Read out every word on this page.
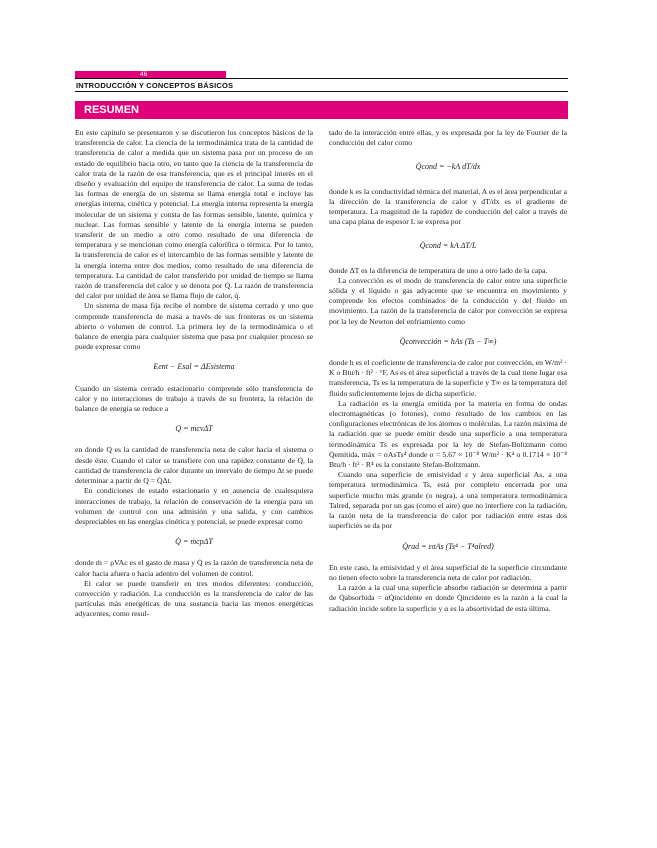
46
INTRODUCCIÓN Y CONCEPTOS BÁSICOS
RESUMEN

En este capítulo se presentaron y se discutieron los conceptos básicos de la transferencia de calor. La ciencia de la termodinámica trata de la cantidad de transferencia de calor a medida que un sistema pasa por un proceso de un estado de equilibrio hacia otro, en tanto que la ciencia de la transferencia de calor trata de la razón de esa transferencia, que es el principal interés en el diseño y evaluación del equipo de transferencia de calor. La suma de todas las formas de energía de un sistema se llama energía total e incluye las energías interna, cinética y potencial. La energía interna representa la energía molecular de un sistema y consta de las formas sensible, latente, química y nuclear. Las formas sensible y latente de la energía interna se pueden transferir de un medio a otro como resultado de una diferencia de temperatura y se mencionan como energía calorífica o térmica. Por lo tanto, la transferencia de calor es el intercambio de las formas sensible y latente de la energía interna entre dos medios, como resultado de una diferencia de temperatura. La cantidad de calor transferido por unidad de tiempo se llama razón de transferencia del calor y se denota por Q̇. La razón de transferencia del calor por unidad de área se llama flujo de calor, q̇.

Un sistema de masa fija recibe el nombre de sistema cerrado y uno que comprende transferencia de masa a través de sus fronteras es un sistema abierto o volumen de control. La primera ley de la termodinámica o el balance de energía para cualquier sistema que pasa por cualquier proceso se puede expresar como

Eent − Esal = ΔEsistema

Cuando un sistema cerrado estacionario comprende sólo transferencia de calor y no interacciones de trabajo a través de su frontera, la relación de balance de energía se reduce a

Q = mcvΔT

en donde Q es la cantidad de transferencia neta de calor hacia el sistema o desde éste. Cuando el calor se transfiere con una rapidez constante de Q̇, la cantidad de transferencia de calor durante un intervalo de tiempo Δt se puede determinar a partir de Q = Q̇Δt.

En condiciones de estado estacionario y en ausencia de cualesquiera interacciones de trabajo, la relación de conservación de la energía para un volumen de control con una admisión y una salida, y con cambios despreciables en las energías cinética y potencial, se puede expresar como

Q̇ = ṁcpΔT

donde ṁ = ρVAc es el gasto de masa y Q̇ es la razón de transferencia neta de calor hacia afuera o hacia adentro del volumen de control.

El calor se puede transferir en tres modos diferentes: conducción, convección y radiación. La conducción es la transferencia de calor de las partículas más energéticas de una sustancia hacia las menos energéticas adyacentes, como resul-

tado de la interacción entre ellas, y es expresada por la ley de Fourier de la conducción del calor como

Q̇cond = −kA dT/dx

donde k es la conductividad térmica del material, A es el área perpendicular a la dirección de la transferencia de calor y dT/dx es el gradiente de temperatura. La magnitud de la rapidez de conducción del calor a través de una capa plana de espesor L se expresa por

Q̇cond = kA ΔT/L

donde ΔT es la diferencia de temperatura de uno a otro lado de la capa.

La convección es el modo de transferencia de calor entre una superficie sólida y el líquido o gas adyacente que se encuentra en movimiento y comprende los efectos combinados de la conducción y del fluido en movimiento. La razón de la transferencia de calor por convección se expresa por la ley de Newton del enfriamiento como

Q̇convección = hAs (Ts − T∞)

donde h es el coeficiente de transferencia de calor por convección, en W/m² · K o Btu/h · ft² · °F, As es el área superficial a través de la cual tiene lugar esa transferencia, Ts es la temperatura de la superficie y T∞ es la temperatura del fluido suficientemente lejos de dicha superficie.

La radiación es la energía emitida por la materia en forma de ondas electromagnéticas (o fotones), como resultado de los cambios en las configuraciones electrónicas de los átomos o moléculas. La razón máxima de la radiación que se puede emitir desde una superficie a una temperatura termodinámica Ts es expresada por la ley de Stefan-Boltzmann como Q̇emitida, máx = σAsTs⁴ donde σ = 5.67 × 10⁻⁸ W/m² · K⁴ o 0.1714 × 10⁻⁸ Btu/h · ft² · R⁴ es la constante Stefan-Boltzmann.

Cuando una superficie de emisividad ε y área superficial As, a una temperatura termodinámica Ts, está por completo encerrada por una superficie mucho más grande (o negra), a una temperatura termodinámica Talred, separada por un gas (como el aire) que no interfiere con la radiación, la razón neta de la transferencia de calor por radiación entre estas dos superficies se da por

Q̇rad = εσAs (Ts⁴ − T⁴alred)

En este caso, la emisividad y el área superficial de la superficie circundante no tienen efecto sobre la transferencia neta de calor por radiación.

La razón a la cual una superficie absorbe radiación se determina a partir de Q̇absorbida = αQ̇incidente en donde Q̇incidente es la razón a la cual la radiación incide sobre la superficie y α es la absortividad de esta última.
